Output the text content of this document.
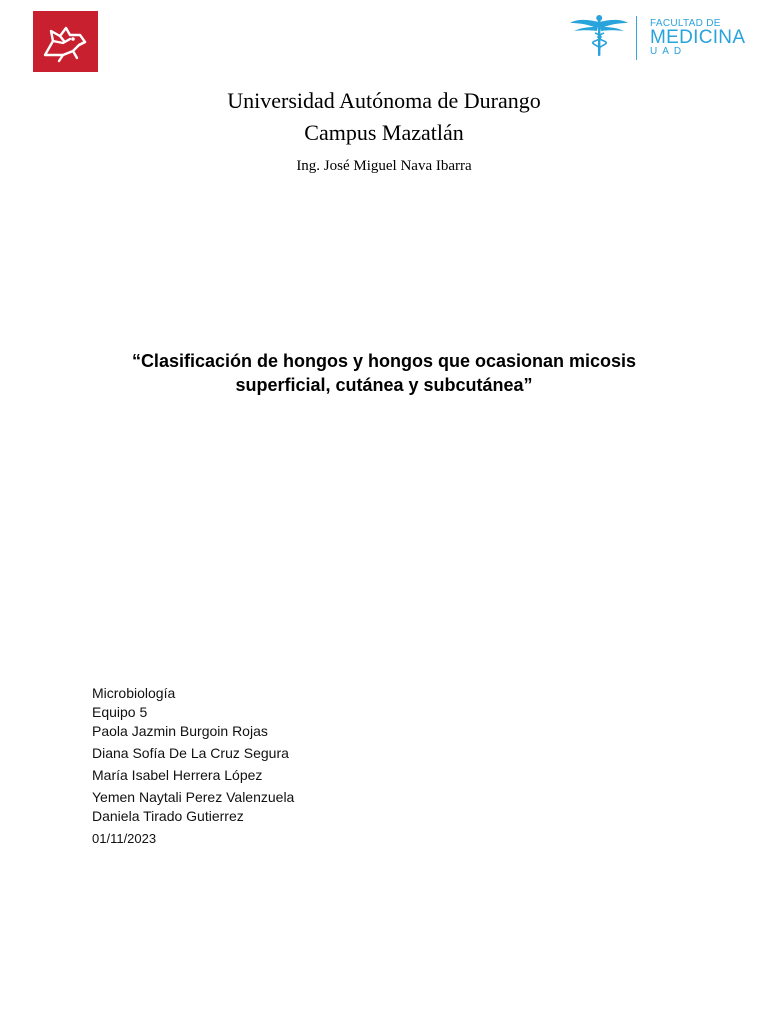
FACULTAD DE
MEDICINA
UAD
Universidad Autónoma de Durango
Campus Mazatlán
Ing. José Miguel Nava Ibarra
“Clasificación de hongos y hongos que ocasionan micosis
superficial, cutánea y subcutánea”
Microbiología
Equipo 5
Paola Jazmin Burgoin Rojas
Diana Sofía De La Cruz Segura
María Isabel Herrera López
Yemen Naytali Perez Valenzuela
Daniela Tirado Gutierrez
01/11/2023
